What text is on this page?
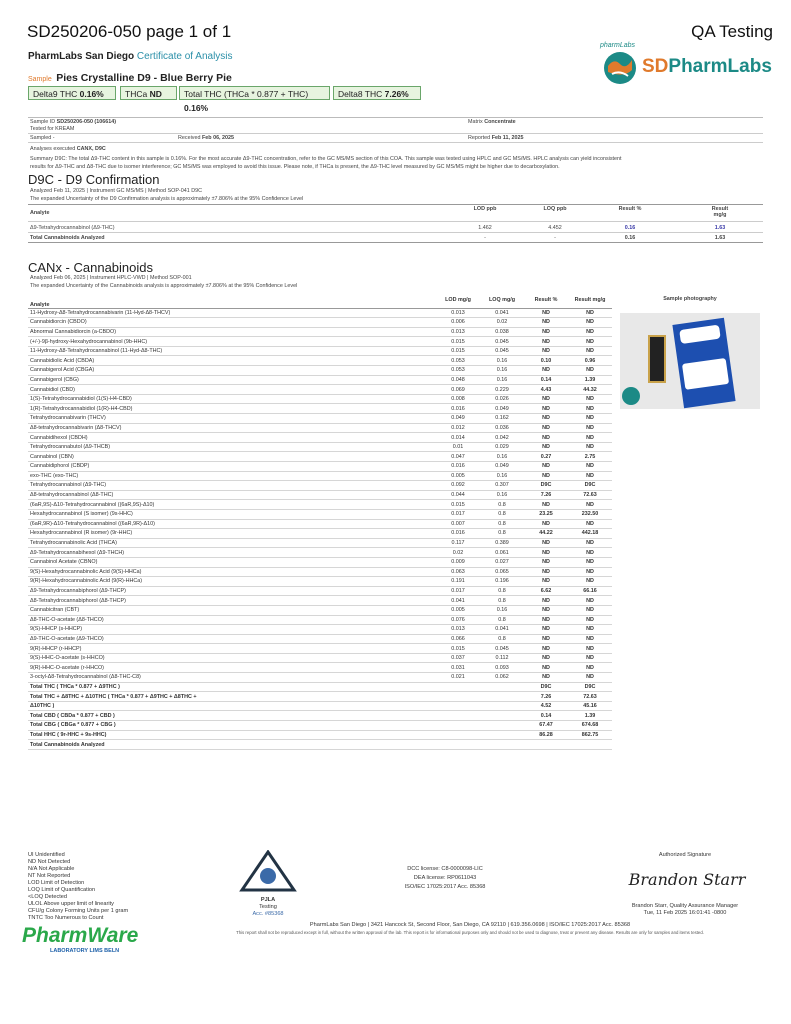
SD250206-050 page 1 of 1	QA Testing
PharmLabs San Diego Certificate of Analysis
Sample Pies Crystalline D9 - Blue Berry Pie
pharmLabs
SDPharmLabs
Delta9 THC 0.16%	THCa ND	Total THC (THCa * 0.877 + THC) 0.16%
Delta8 THC 7.26%
Sample ID SD250206-050 (106614)	Matrix Concentrate
Tested for KREAM
Sampled -	Received Feb 06, 2025	Reported Feb 11, 2025
Analyses executed CANX, D9C
Summary D9C: The total Δ9-THC content in this sample is 0.16%. For the most accurate Δ9-THC concentration, refer to the GC MS/MS section of this COA. This sample was tested using HPLC and GC MS/MS. HPLC analysis can yield inconsistent
results for Δ9-THC and Δ8-THC due to isomer interference; GC MS/MS was employed to avoid this issue. Please note, if THCa is present, the Δ9-THC level measured by GC MS/MS might be higher due to decarboxylation.
D9C - D9 Confirmation
Analyzed Feb 11, 2025 | Instrument GC MS/MS | Method SOP-041 D9C
The expanded Uncertainty of the D9 Confirmation analysis is approximately ±7.806% at the 95% Confidence Level
Analyte
LOD ppb	LOQ ppb	Result %	Result mg/g
Δ9-Tetrahydrocannabinol (Δ9-THC)	1.462	4.452	0.16	1.63
Total Cannabinoids Analyzed	-	-	0.16	1.63
CANx - Cannabinoids
Analyzed Feb 06, 2025 | Instrument HPLC-VWD | Method SOP-001
The expanded Uncertainty of the Cannabinoids analysis is approximately ±7.806% at the 95% Confidence Level
Analyte	LOD mg/g	LOQ mg/g	Result %	Result mg/g
11-Hydroxy-Δ8-Tetrahydrocannabivarin (11-Hyd-Δ8-THCV)	0.013	0.041	ND	ND
Cannabidiorcin (CBDO)	0.006	0.02	ND	ND
Abnormal Cannabidiorcin (a-CBDO)	0.013	0.038	ND	ND
(+/-)-9β-hydroxy-Hexahydrocannabinol (9b-HHC)	0.015	0.045	ND	ND
11-Hydroxy-Δ8-Tetrahydrocannabinol (11-Hyd-Δ8-THC)	0.015	0.045	ND	ND
Cannabidiolic Acid (CBDA)	0.053	0.16	0.10	0.96
Cannabigerol Acid (CBGA)	0.053	0.16	ND	ND
Cannabigerol (CBG)	0.048	0.16	0.14	1.39
Cannabidiol (CBD)	0.069	0.229	4.43	44.32
1(S)-Tetrahydrocannabidiol (1(S)-H4-CBD)	0.008	0.026	ND	ND
1(R)-Tetrahydrocannabidiol (1(R)-H4-CBD)	0.016	0.049	ND	ND
Tetrahydrocannabivarin (THCV)	0.049	0.162	ND	ND
Δ8-tetrahydrocannabivarin (Δ8-THCV)	0.012	0.036	ND	ND
Cannabidihexol (CBDH)	0.014	0.042	ND	ND
Tetrahydrocannabutol (Δ9-THCB)	0.01	0.029	ND	ND
Cannabinol (CBN)	0.047	0.16	0.27	2.75
Cannabidiphorol (CBDP)	0.016	0.049	ND	ND
exo-THC (exo-THC)	0.005	0.16	ND	ND
Tetrahydrocannabinol (Δ9-THC)	0.092	0.307	D9C	D9C
Δ8-tetrahydrocannabinol (Δ8-THC)	0.044	0.16	7.26	72.63
(6aR,9S)-Δ10-Tetrahydrocannabinol ((6aR,9S)-Δ10)	0.015	0.8	ND	ND
Hexahydrocannabinol (S isomer) (9s-HHC)	0.017	0.8	23.25	232.50
(6aR,9R)-Δ10-Tetrahydrocannabinol ((6aR,9R)-Δ10)	0.007	0.8	ND	ND
Hexahydrocannabinol (R isomer) (9r-HHC)	0.016	0.8	44.22	442.18
Tetrahydrocannabinolic Acid (THCA)	0.117	0.389	ND	ND
Δ9-Tetrahydrocannabihexol (Δ9-THCH)	0.02	0.061	ND	ND
Cannabinol Acetate (CBNO)	0.009	0.027	ND	ND
9(S)-Hexahydrocannabinolic Acid (9(S)-HHCa)	0.063	0.065	ND	ND
9(R)-Hexahydrocannabinolic Acid (9(R)-HHCa)	0.191	0.196	ND	ND
Δ9-Tetrahydrocannabiphorol (Δ9-THCP)	0.017	0.8	6.62	66.16
Δ8-Tetrahydrocannabiphorol (Δ8-THCP)	0.041	0.8	ND	ND
Cannabicitran (CBT)	0.005	0.16	ND	ND
Δ8-THC-O-acetate (Δ8-THCO)	0.076	0.8	ND	ND
9(S)-HHCP (s-HHCP)	0.013	0.041	ND	ND
Δ9-THC-O-acetate (Δ9-THCO)	0.066	0.8	ND	ND
9(R)-HHCP (r-HHCP)	0.015	0.045	ND	ND
9(S)-HHC-O-acetate (s-HHCO)	0.037	0.112	ND	ND
9(R)-HHC-O-acetate (r-HHCO)	0.031	0.093	ND	ND
3-octyl-Δ8-Tetrahydrocannabinol (Δ8-THC-C8)	0.021	0.062	ND	ND
Total THC ( THCa * 0.877 + Δ9THC )			D9C	D9C
Total THC + Δ8THC + Δ10THC ( THCa * 0.877 + Δ9THC + Δ8THC +			7.26	72.63
Δ10THC )			4.52	45.16
Total CBD ( CBDa * 0.877 + CBD )			0.14	1.39
Total CBG ( CBGa * 0.877 + CBG )			67.47	674.68
Total HHC ( 9r-HHC + 9s-HHC)			86.28	862.75
Total Cannabinoids Analyzed				
Sample photography
UI Unidentified
ND Not Detected
N/A Not Applicable
NT Not Reported
LOD Limit of Detection
LOQ Limit of Quantification
<LOQ Detected
ULOL Above upper limit of linearity
CFU/g Colony Forming Units per 1 gram
TNTC Too Numerous to Count
PJLA
Testing
Acc. #85368
DCC license: C8-0000098-LIC
DEA license: RP0611043
ISO/IEC 17025:2017 Acc. 85368
Authorized Signature
Brandon Starr
Brandon Starr, Quality Assurance Manager
Tue, 11 Feb 2025 16:01:41 -0800
PharmLabs San Diego | 3421 Hancock St, Second Floor, San Diego, CA 92110 | 619.356.0698 | ISO/IEC 17025:2017 Acc. 85368
This report shall not be reproduced except in full, without the written approval of the lab. This report is for informational purposes only and should not be used to diagnose, treat or prevent any disease. Results are only for samples and items tested.
PharmWare
LABORATORY LIMS BELN
